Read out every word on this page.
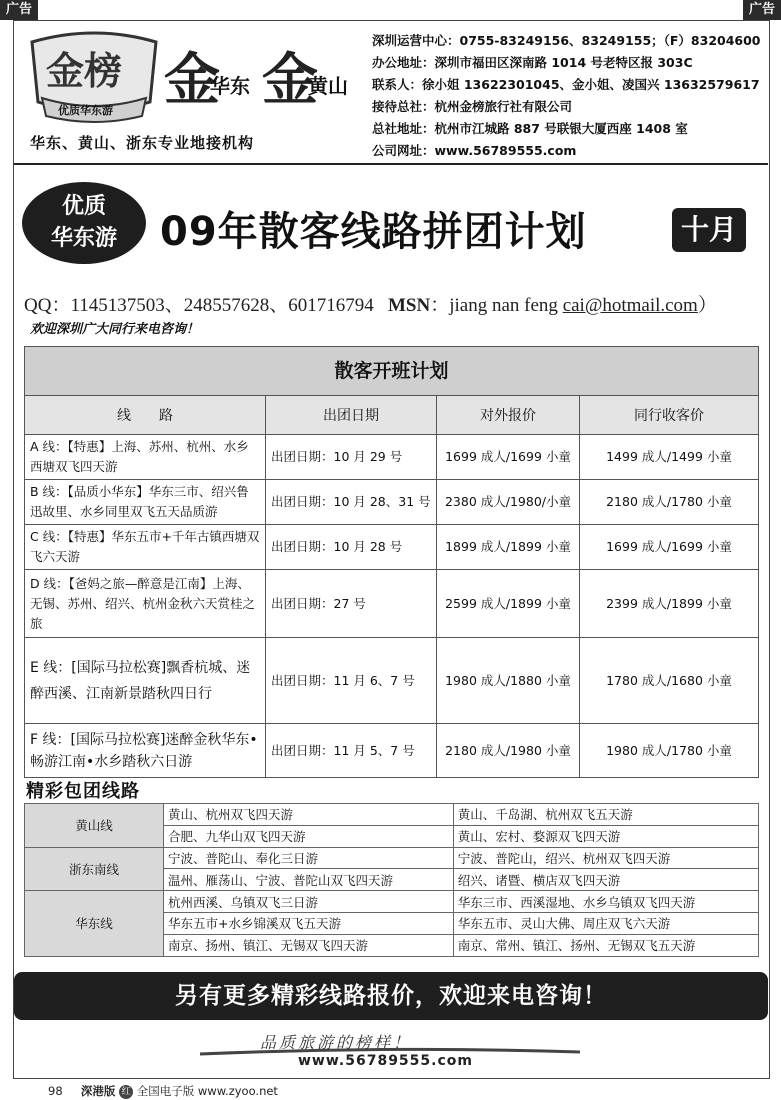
广告	广告
金榜
优质华东游 金
华东 金
黄山
华东、黄山、浙东专业地接机构
深圳运营中心：0755-83249156、83249155；（F）83204600
办公地址：深圳市福田区深南路 1014 号老特区报 303C
联系人：徐小姐 13622301045、金小姐、凌国兴 13632579617
接待总社：杭州金榜旅行社有限公司
总社地址：杭州市江城路 887 号联银大厦西座 1408 室
公司网址：www.56789555.com
优质
华东游	09年散客线路拼团计划	十月
QQ：1145137503、248557628、601716794 MSN：jiang nan feng cai@hotmail.com）
欢迎深圳广大同行来电咨询！
散客开班计划			
线　　路	出团日期	对外报价	同行收客价
A 线：【特惠】上海、苏州、杭州、水乡西塘双飞四天游	出团日期：10 月 29 号	1699 成人/1699 小童	1499 成人/1499 小童
B 线：【品质小华东】华东三市、绍兴鲁迅故里、水乡同里双飞五天品质游	出团日期：10 月 28、31 号	2380 成人/1980/小童	2180 成人/1780 小童
C 线：【特惠】华东五市+千年古镇西塘双飞六天游	出团日期：10 月 28 号	1899 成人/1899 小童	1699 成人/1699 小童
D 线：【爸妈之旅—醉意是江南】上海、无锡、苏州、绍兴、杭州金秋六天赏桂之旅	出团日期：27 号	2599 成人/1899 小童	2399 成人/1899 小童
E 线：[国际马拉松赛]飘香杭城、迷醉西溪、江南新景踏秋四日行	出团日期：11 月 6、7 号	1980 成人/1880 小童	1780 成人/1680 小童
F 线：[国际马拉松赛]迷醉金秋华东•畅游江南•水乡踏秋六日游	出团日期：11 月 5、7 号	2180 成人/1980 小童	1980 成人/1780 小童
精彩包团线路
黄山线	黄山、杭州双飞四天游	黄山、千岛湖、杭州双飞五天游
	合肥、九华山双飞四天游	黄山、宏村、婺源双飞四天游
浙东南线	宁波、普陀山、奉化三日游	宁波、普陀山，绍兴、杭州双飞四天游
	温州、雁荡山、宁波、普陀山双飞四天游	绍兴、诸暨、横店双飞四天游
华东线	杭州西溪、乌镇双飞三日游	华东三市、西溪湿地、水乡乌镇双飞四天游
	华东五市+水乡锦溪双飞五天游	华东五市、灵山大佛、周庄双飞六天游
	南京、扬州、镇江、无锡双飞四天游	南京、常州、镇江、扬州、无锡双飞五天游
另有更多精彩线路报价，欢迎来电咨询！
品质旅游的榜样！
www.56789555.com
98 深港版 红 全国电子版 www.zyoo.net
